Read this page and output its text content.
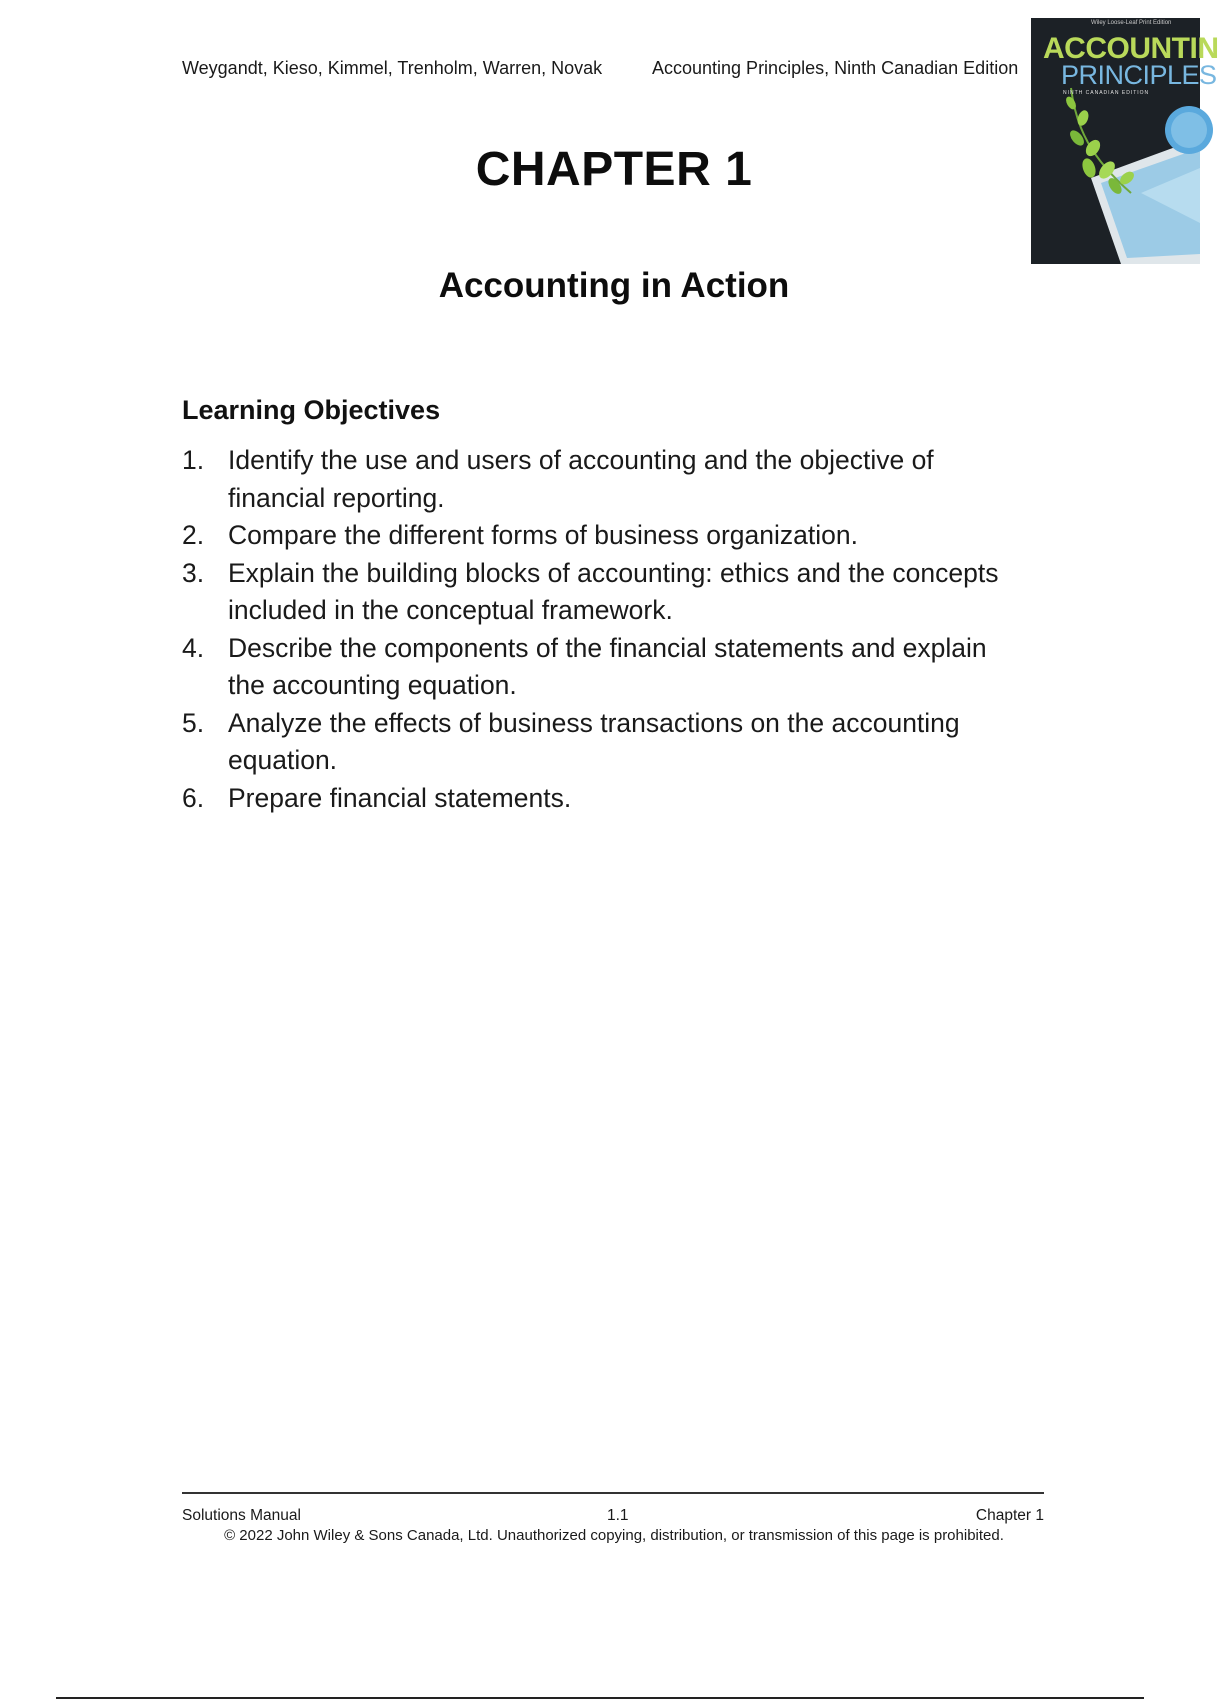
Weygandt, Kieso, Kimmel, Trenholm, Warren, Novak	Accounting Principles, Ninth Canadian Edition
Wiley Loose-Leaf Print Edition
ACCOUNTIN
PRINCIPLES
NINTH CANADIAN EDITION
CHAPTER 1
Accounting in Action
Learning Objectives
1. Identify the use and users of accounting and the objective of financial reporting.
2. Compare the different forms of business organization.
3. Explain the building blocks of accounting: ethics and the concepts included in the conceptual framework.
4. Describe the components of the financial statements and explain the accounting equation.
5. Analyze the effects of business transactions on the accounting equation.
6. Prepare financial statements.
Solutions Manual	1.1	Chapter 1
© 2022 John Wiley & Sons Canada, Ltd. Unauthorized copying, distribution, or transmission of this page is prohibited.
